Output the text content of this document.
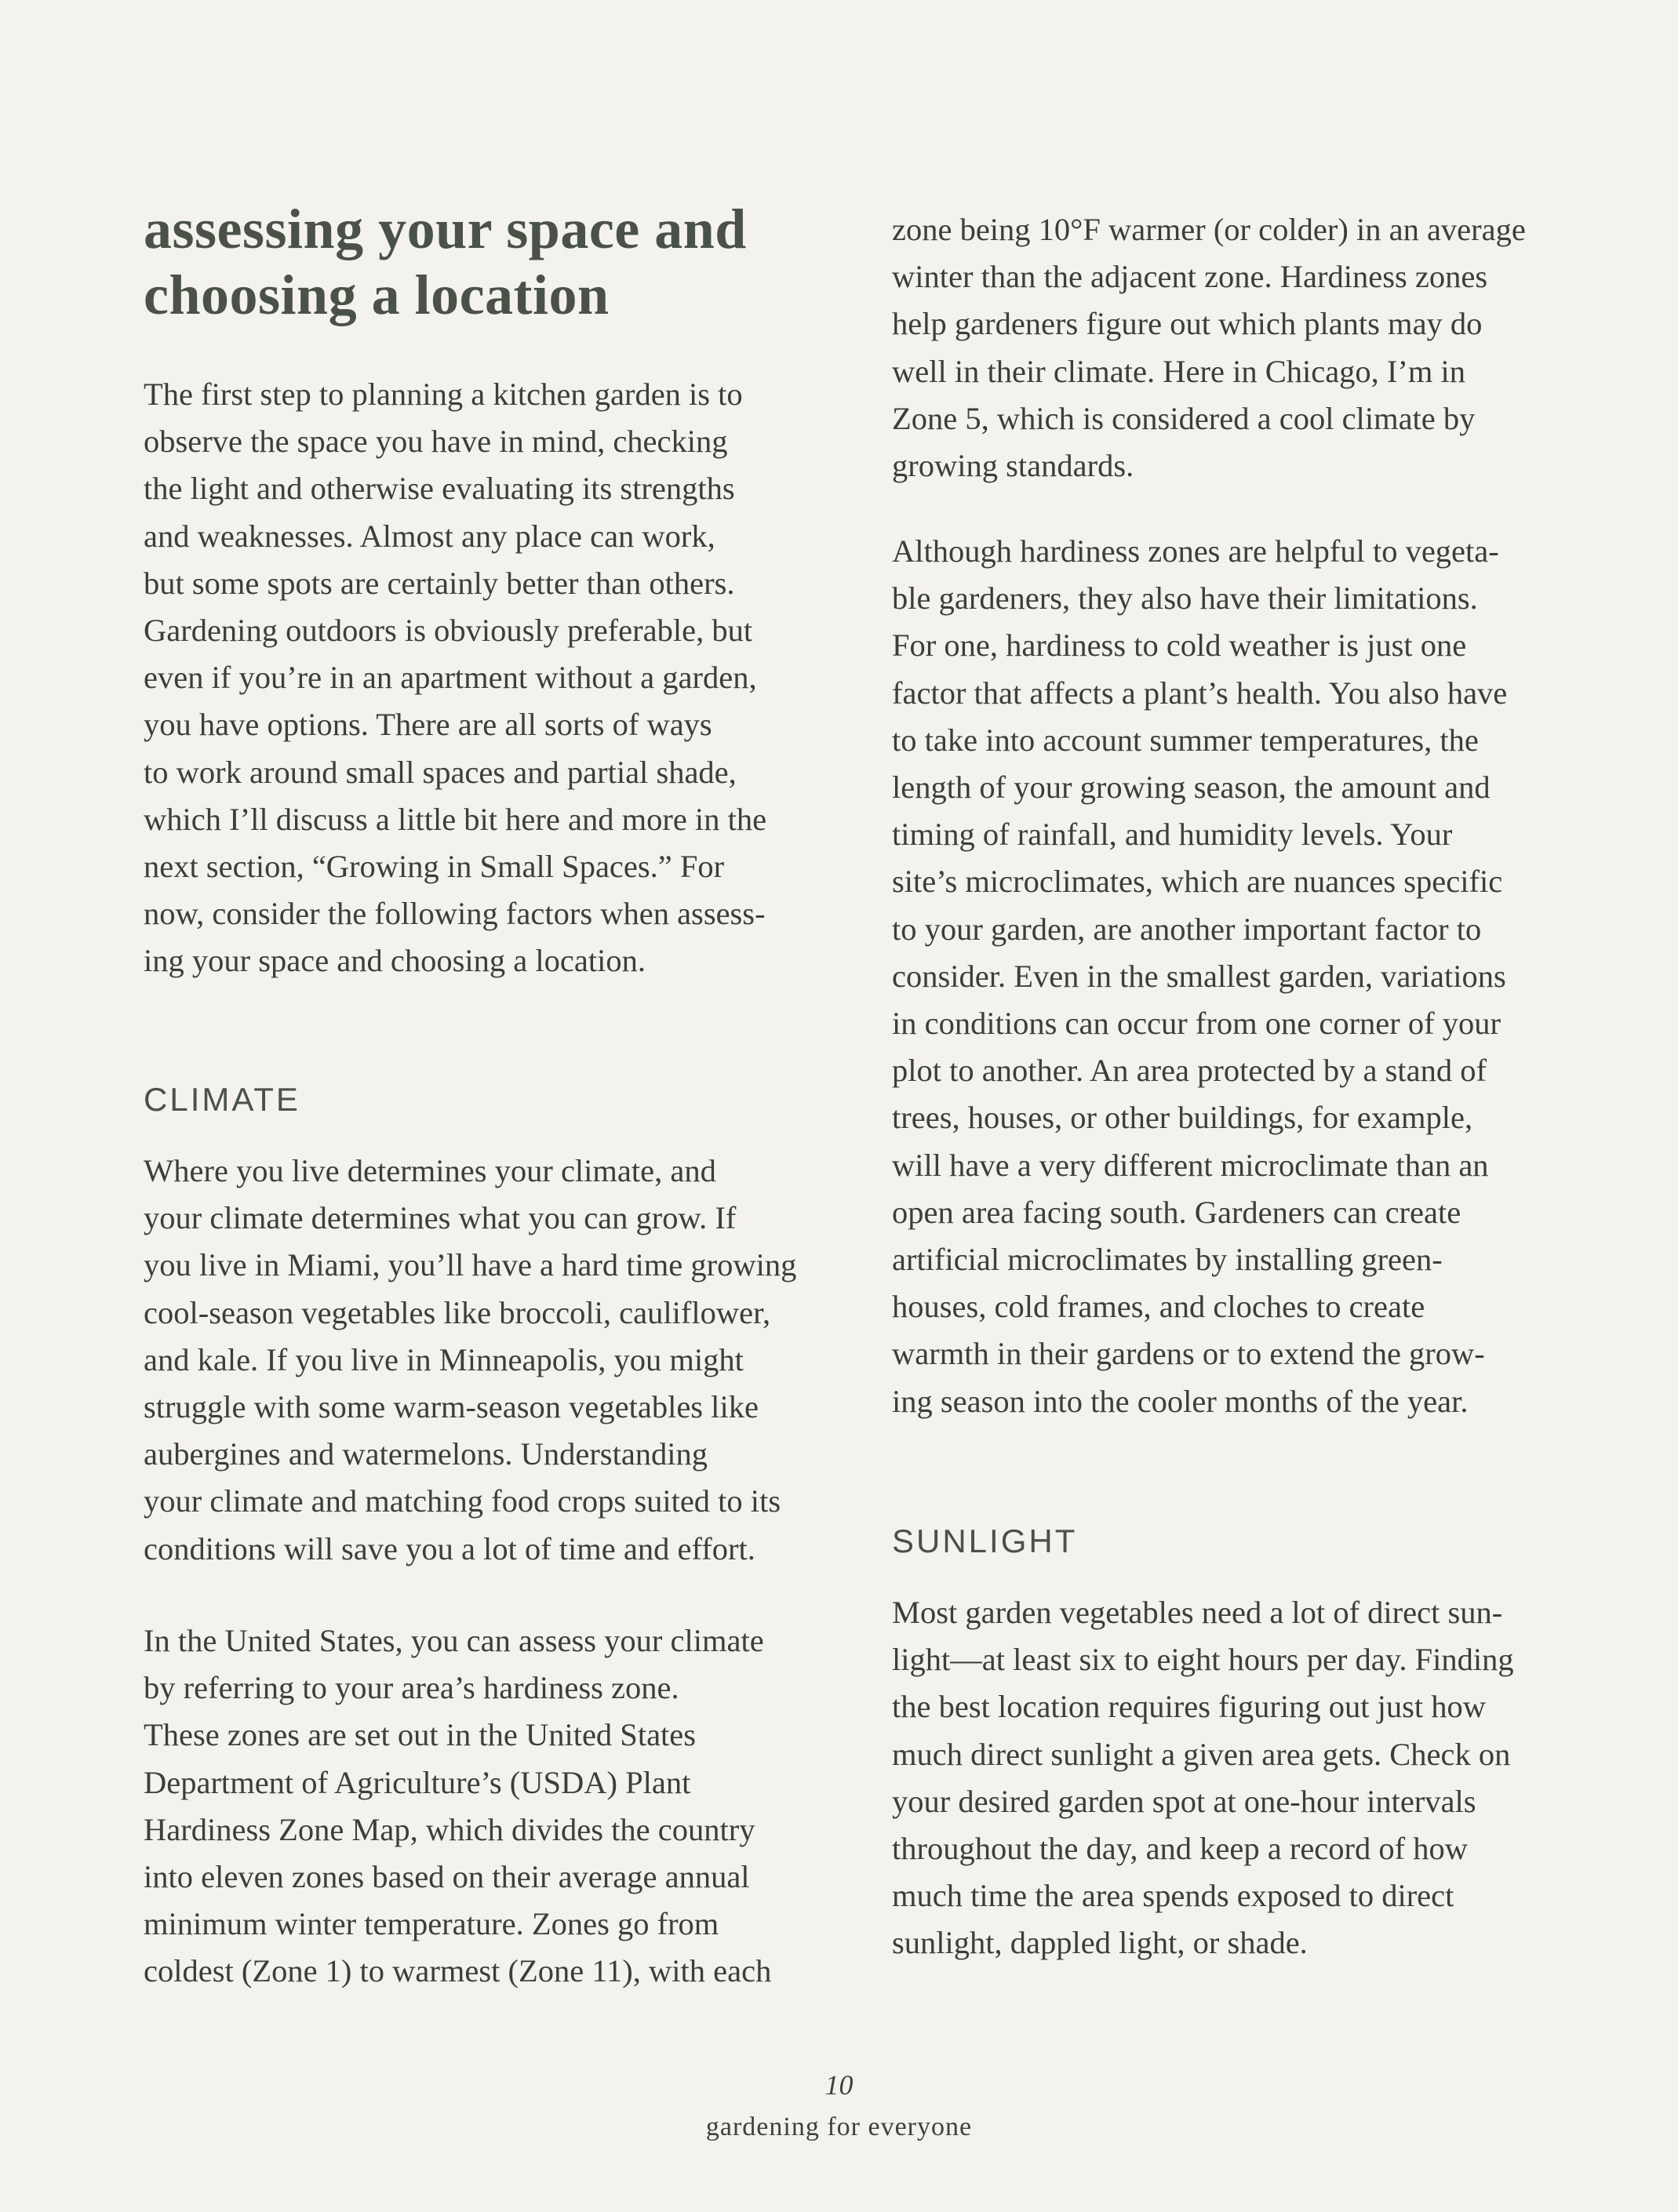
assessing your space and
choosing a location

The first step to planning a kitchen garden is to
observe the space you have in mind, checking
the light and otherwise evaluating its strengths
and weaknesses. Almost any place can work,
but some spots are certainly better than others.
Gardening outdoors is obviously preferable, but
even if you’re in an apartment without a garden,
you have options. There are all sorts of ways
to work around small spaces and partial shade,
which I’ll discuss a little bit here and more in the
next section, “Growing in Small Spaces.” For
now, consider the following factors when assess-
ing your space and choosing a location.

CLIMATE

Where you live determines your climate, and
your climate determines what you can grow. If
you live in Miami, you’ll have a hard time growing
cool-season vegetables like broccoli, cauliflower,
and kale. If you live in Minneapolis, you might
struggle with some warm-season vegetables like
aubergines and watermelons. Understanding
your climate and matching food crops suited to its
conditions will save you a lot of time and effort.

In the United States, you can assess your climate
by referring to your area’s hardiness zone.
These zones are set out in the United States
Department of Agriculture’s (USDA) Plant
Hardiness Zone Map, which divides the country
into eleven zones based on their average annual
minimum winter temperature. Zones go from
coldest (Zone 1) to warmest (Zone 11), with each

zone being 10°F warmer (or colder) in an average
winter than the adjacent zone. Hardiness zones
help gardeners figure out which plants may do
well in their climate. Here in Chicago, I’m in
Zone 5, which is considered a cool climate by
growing standards.

Although hardiness zones are helpful to vegeta-
ble gardeners, they also have their limitations.
For one, hardiness to cold weather is just one
factor that affects a plant’s health. You also have
to take into account summer temperatures, the
length of your growing season, the amount and
timing of rainfall, and humidity levels. Your
site’s microclimates, which are nuances specific
to your garden, are another important factor to
consider. Even in the smallest garden, variations
in conditions can occur from one corner of your
plot to another. An area protected by a stand of
trees, houses, or other buildings, for example,
will have a very different microclimate than an
open area facing south. Gardeners can create
artificial microclimates by installing green-
houses, cold frames, and cloches to create
warmth in their gardens or to extend the grow-
ing season into the cooler months of the year.

SUNLIGHT

Most garden vegetables need a lot of direct sun-
light—at least six to eight hours per day. Finding
the best location requires figuring out just how
much direct sunlight a given area gets. Check on
your desired garden spot at one-hour intervals
throughout the day, and keep a record of how
much time the area spends exposed to direct
sunlight, dappled light, or shade.

10
gardening for everyone
